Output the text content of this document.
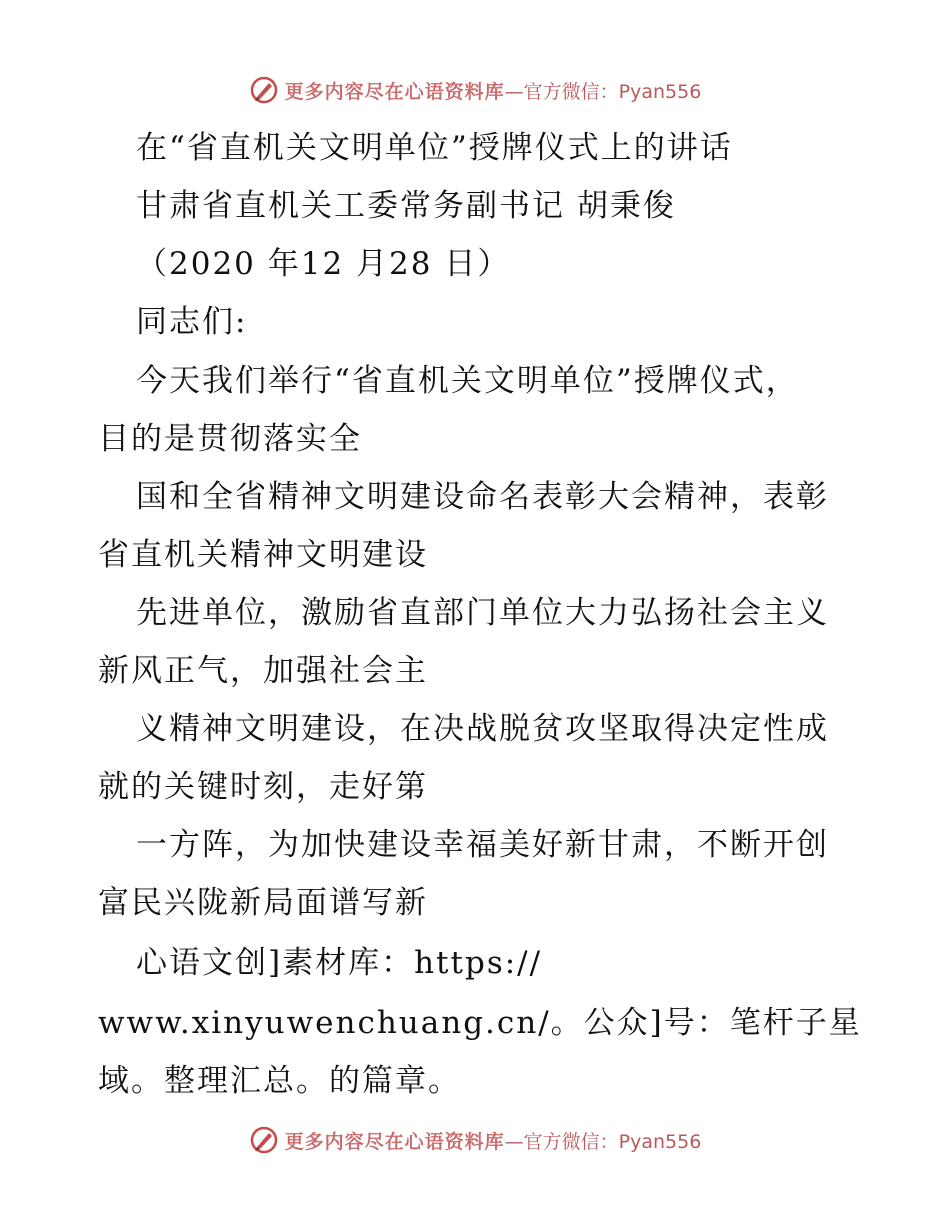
更多内容尽在心语资料库 —官方微信：Pyan556
在“省直机关文明单位”授牌仪式上的讲话
甘肃省直机关工委常务副书记 胡秉俊
（2020 年12 月28 日）
同志们:
今天我们举行“省直机关文明单位”授牌仪式，
目的是贯彻落实全
国和全省精神文明建设命名表彰大会精神，表彰
省直机关精神文明建设
先进单位，激励省直部门单位大力弘扬社会主义
新风正气，加强社会主
义精神文明建设，在决战脱贫攻坚取得决定性成
就的关键时刻，走好第
一方阵，为加快建设幸福美好新甘肃，不断开创
富民兴陇新局面谱写新
心语文创]素材库：https://
www.xinyuwenchuang.cn/。公众]号：笔杆子星
域。整理汇总。的篇章。
更多内容尽在心语资料库 —官方微信：Pyan556
